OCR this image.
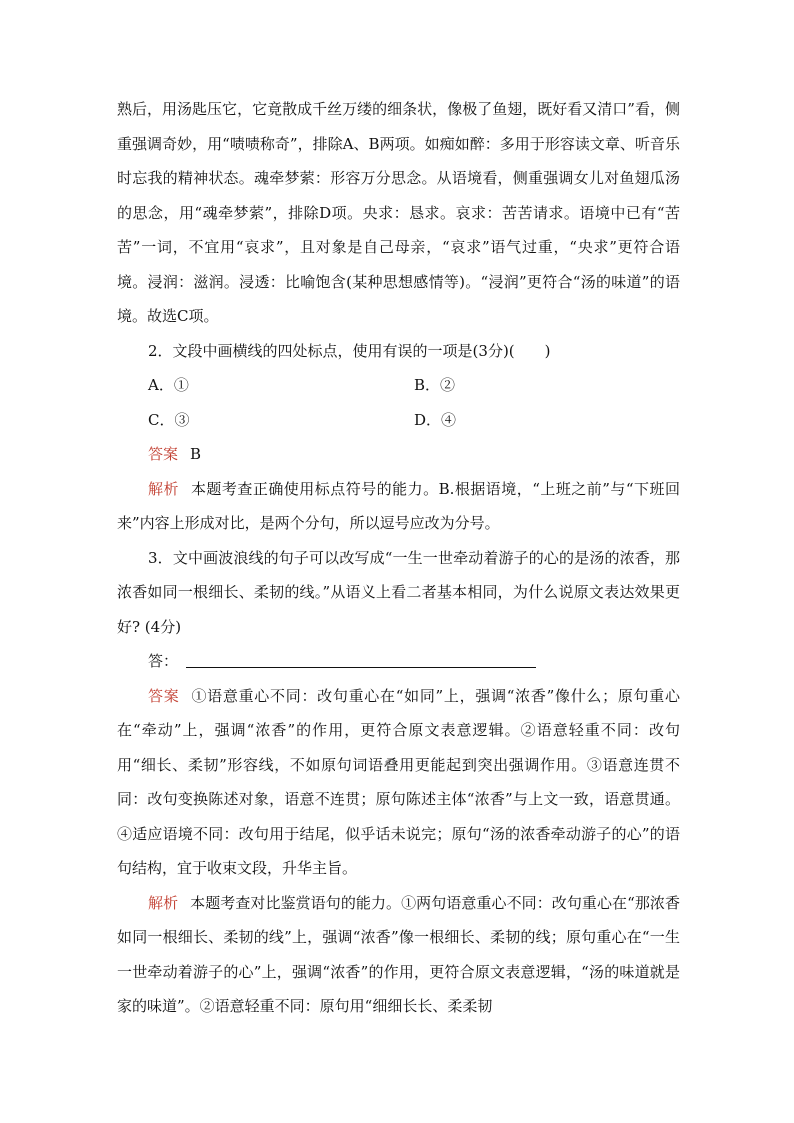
熟后，用汤匙压它，它竟散成千丝万缕的细条状，像极了鱼翅，既好看又清口”看，侧重强调奇妙，用“啧啧称奇”，排除A、B两项。如痴如醉：多用于形容读文章、听音乐时忘我的精神状态。魂牵梦萦：形容万分思念。从语境看，侧重强调女儿对鱼翅瓜汤的思念，用“魂牵梦萦”，排除D项。央求：恳求。哀求：苦苦请求。语境中已有“苦苦”一词，不宜用“哀求”，且对象是自己母亲，“哀求”语气过重，“央求”更符合语境。浸润：滋润。浸透：比喻饱含(某种思想感情等)。“浸润”更符合“汤的味道”的语境。故选C项。

2．文段中画横线的四处标点，使用有误的一项是(3分)(　　)

A．①	B．②
C．③	D．④

答案 B

解析 本题考查正确使用标点符号的能力。B.根据语境，“上班之前”与“下班回来”内容上形成对比，是两个分句，所以逗号应改为分号。

3．文中画波浪线的句子可以改写成“一生一世牵动着游子的心的是汤的浓香，那浓香如同一根细长、柔韧的线。”从语义上看二者基本相同，为什么说原文表达效果更好? (4分)

答：

答案 ①语意重心不同：改句重心在“如同”上，强调“浓香”像什么；原句重心在“牵动”上，强调“浓香”的作用，更符合原文表意逻辑。②语意轻重不同：改句用“细长、柔韧”形容线，不如原句词语叠用更能起到突出强调作用。③语意连贯不同：改句变换陈述对象，语意不连贯；原句陈述主体“浓香”与上文一致，语意贯通。④适应语境不同：改句用于结尾，似乎话未说完；原句“汤的浓香牵动游子的心”的语句结构，宜于收束文段，升华主旨。

解析 本题考查对比鉴赏语句的能力。①两句语意重心不同：改句重心在“那浓香如同一根细长、柔韧的线”上，强调“浓香”像一根细长、柔韧的线；原句重心在“一生一世牵动着游子的心”上，强调“浓香”的作用，更符合原文表意逻辑，“汤的味道就是家的味道”。②语意轻重不同：原句用“细细长长、柔柔韧
